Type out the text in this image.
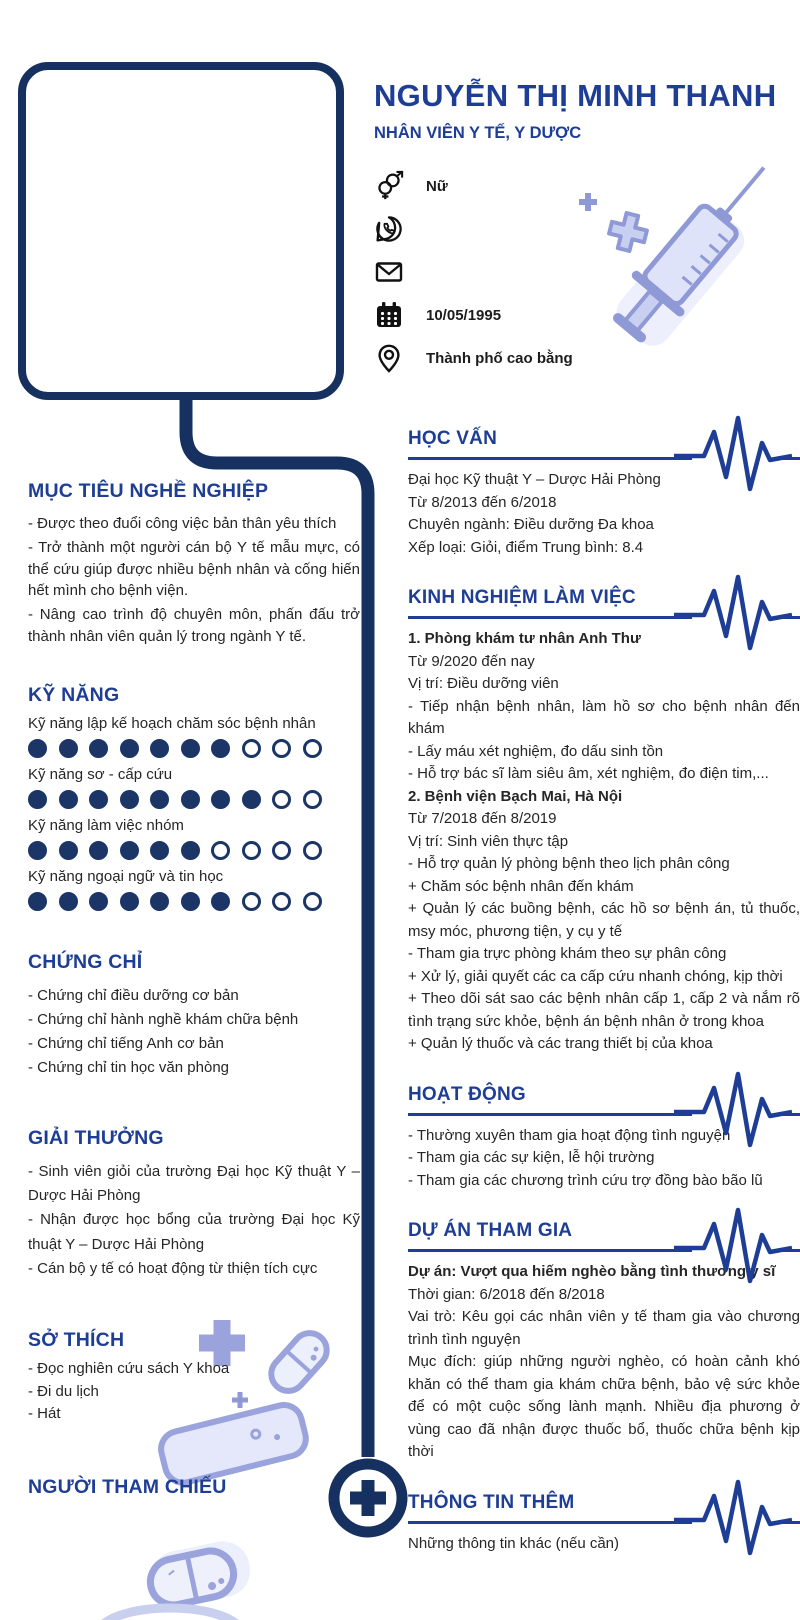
NGUYỄN THỊ MINH THANH
NHÂN VIÊN Y TẾ, Y DƯỢC
Nữ
10/05/1995
Thành phố cao bằng
MỤC TIÊU NGHỀ NGHIỆP

- Được theo đuổi công việc bản thân yêu thích

- Trở thành một người cán bộ Y tế mẫu mực, có thể cứu giúp được nhiều bệnh nhân và cống hiến hết mình cho bệnh viện.

- Nâng cao trình độ chuyên môn, phấn đấu trở thành nhân viên quản lý trong ngành Y tế.

KỸ NĂNG
Kỹ năng lập kế hoạch chăm sóc bệnh nhân
Kỹ năng sơ - cấp cứu
Kỹ năng làm việc nhóm
Kỹ năng ngoại ngữ và tin học
CHỨNG CHỈ

- Chứng chỉ điều dưỡng cơ bản

- Chứng chỉ hành nghề khám chữa bệnh

- Chứng chỉ tiếng Anh cơ bản

- Chứng chỉ tin học văn phòng

GIẢI THƯỞNG

- Sinh viên giỏi của trường Đại học Kỹ thuật Y – Dược Hải Phòng

- Nhận được học bổng của trường Đại học Kỹ thuật Y – Dược Hải Phòng

- Cán bộ y tế có hoạt động từ thiện tích cực

SỞ THÍCH

- Đọc nghiên cứu sách Y khoa

- Đi du lịch

- Hát

NGƯỜI THAM CHIẾU
HỌC VẤN

Đại học Kỹ thuật Y – Dược Hải Phòng

Từ 8/2013 đến 6/2018

Chuyên ngành: Điều dưỡng Đa khoa

Xếp loại: Giỏi, điểm Trung bình: 8.4

KINH NGHIỆM LÀM VIỆC

1. Phòng khám tư nhân Anh Thư

Từ 9/2020 đến nay

Vị trí: Điều dưỡng viên

- Tiếp nhận bệnh nhân, làm hồ sơ cho bệnh nhân đến khám

- Lấy máu xét nghiệm, đo dấu sinh tồn

- Hỗ trợ bác sĩ làm siêu âm, xét nghiệm, đo điện tim,...

2. Bệnh viện Bạch Mai, Hà Nội

Từ 7/2018 đến 8/2019

Vị trí: Sinh viên thực tập

- Hỗ trợ quản lý phòng bệnh theo lịch phân công

+ Chăm sóc bệnh nhân đến khám

+ Quản lý các buồng bệnh, các hồ sơ bệnh án, tủ thuốc, msy móc, phương tiện, y cụ y tế

- Tham gia trực phòng khám theo sự phân công

+ Xử lý, giải quyết các ca cấp cứu nhanh chóng, kịp thời

+ Theo dõi sát sao các bệnh nhân cấp 1, cấp 2 và nắm rõ tình trạng sức khỏe, bệnh án bệnh nhân ở trong khoa

+ Quản lý thuốc và các trang thiết bị của khoa

HOẠT ĐỘNG

- Thường xuyên tham gia hoạt động tình nguyện

- Tham gia các sự kiện, lễ hội trường

- Tham gia các chương trình cứu trợ đồng bào bão lũ

DỰ ÁN THAM GIA

Dự án: Vượt qua hiếm nghèo bằng tình thương y sĩ

Thời gian: 6/2018 đến 8/2018

Vai trò: Kêu gọi các nhân viên y tế tham gia vào chương trình tình nguyện

Mục đích: giúp những người nghèo, có hoàn cảnh khó khăn có thể tham gia khám chữa bệnh, bảo vệ sức khỏe để có một cuộc sống lành mạnh. Nhiều địa phương ở vùng cao đã nhận được thuốc bổ, thuốc chữa bệnh kịp thời

THÔNG TIN THÊM

Những thông tin khác (nếu cần)
